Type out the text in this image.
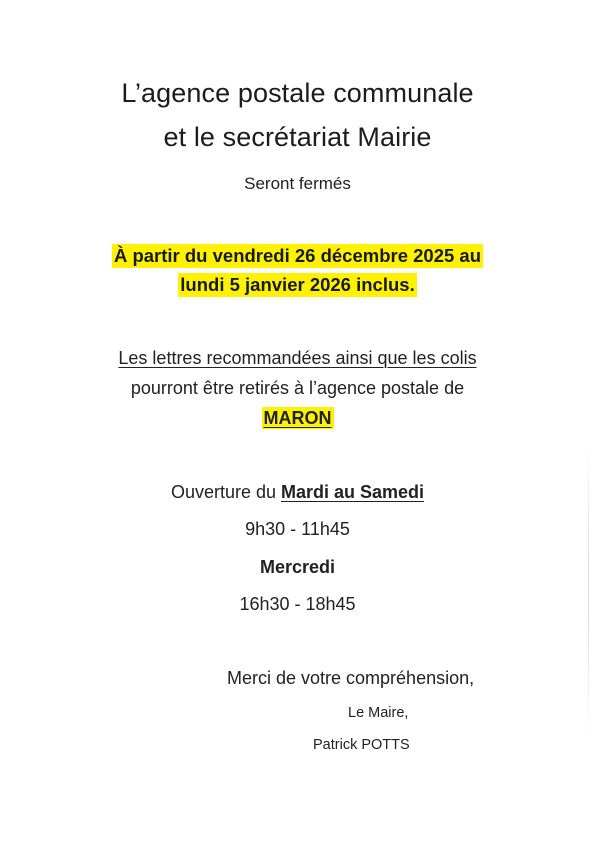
L’agence postale communale
et le secrétariat Mairie
Seront fermés
À partir du vendredi 26 décembre 2025 au
lundi 5 janvier 2026 inclus.
Les lettres recommandées ainsi que les colis
pourront être retirés à l’agence postale de
MARON
Ouverture du Mardi au Samedi
9h30 - 11h45
Mercredi
16h30 - 18h45
Merci de votre compréhension,
Le Maire,
Patrick POTTS
